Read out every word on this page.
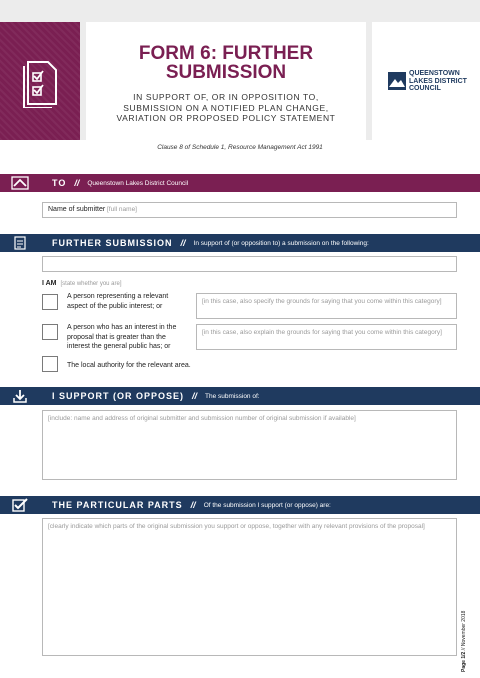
FORM 6: FURTHER
SUBMISSION
IN SUPPORT OF, OR IN OPPOSITION TO,
SUBMISSION ON A NOTIFIED PLAN CHANGE,
VARIATION OR PROPOSED POLICY STATEMENT
QUEENSTOWN
LAKES DISTRICT
COUNCIL
Clause 8 of Schedule 1, Resource Management Act 1991
TO // Queenstown Lakes District Council
Name of submitter [full name]
FURTHER SUBMISSION // In support of (or opposition to) a submission on the following:
I AM [state whether you are]
A person representing a relevant
aspect of the public interest; or
[in this case, also specify the grounds for saying that you come within this category]
A person who has an interest in the
proposal that is greater than the
interest the general public has; or
[in this case, also explain the grounds for saying that you come within this category]
The local authority for the relevant area.
I SUPPORT (OR OPPOSE) // The submission of:
[include: name and address of original submitter and submission number of original submission if available]
THE PARTICULAR PARTS // Of the submission I support (or oppose) are:
[clearly indicate which parts of the original submission you support or oppose, together with any relevant provisions of the proposal]
Page 1/2 // November 2018
